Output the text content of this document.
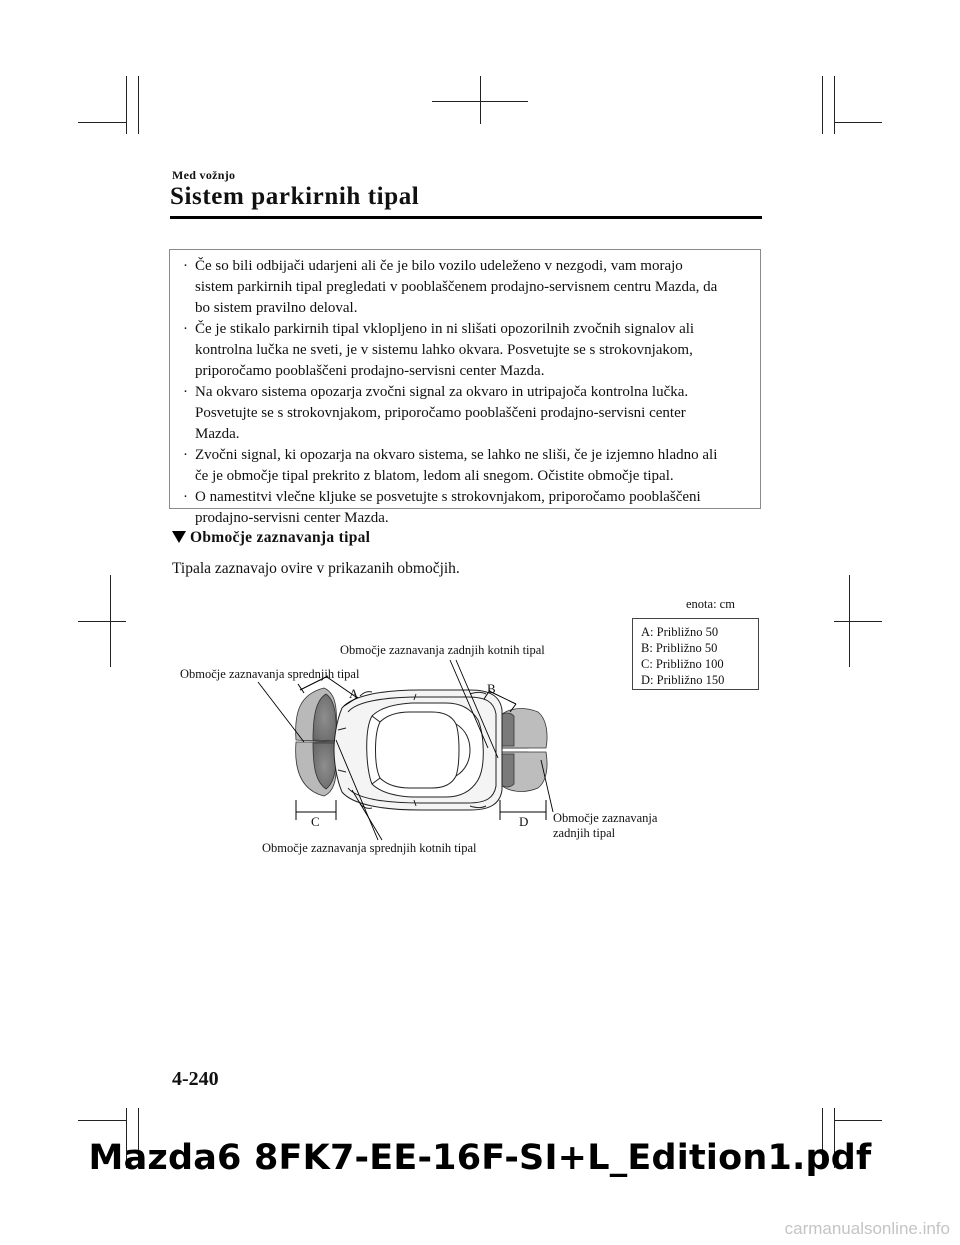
Med vožnjo
Sistem parkirnih tipal
· Če so bili odbijači udarjeni ali če je bilo vozilo udeleženo v nezgodi, vam morajo
sistem parkirnih tipal pregledati v pooblaščenem prodajno-servisnem centru Mazda, da
bo sistem pravilno deloval.
· Če je stikalo parkirnih tipal vklopljeno in ni slišati opozorilnih zvočnih signalov ali
kontrolna lučka ne sveti, je v sistemu lahko okvara. Posvetujte se s strokovnjakom,
priporočamo pooblaščeni prodajno-servisni center Mazda.
· Na okvaro sistema opozarja zvočni signal za okvaro in utripajoča kontrolna lučka.
Posvetujte se s strokovnjakom, priporočamo pooblaščeni prodajno-servisni center
Mazda.
· Zvočni signal, ki opozarja na okvaro sistema, se lahko ne sliši, če je izjemno hladno ali
če je območje tipal prekrito z blatom, ledom ali snegom. Očistite območje tipal.
· O namestitvi vlečne kljuke se posvetujte s strokovnjakom, priporočamo pooblaščeni
prodajno-servisni center Mazda.
Območje zaznavanja tipal
Tipala zaznavajo ovire v prikazanih območjih.
enota: cm
A: Približno 50
B: Približno 50
C: Približno 100
D: Približno 150
Območje zaznavanja zadnjih kotnih tipal
Območje zaznavanja sprednjih tipal
A	B
C	D Območje zaznavanja
zadnjih tipal
Območje zaznavanja sprednjih kotnih tipal
4-240
Mazda6 8FK7-EE-16F-SI+L_Edition1.pdf
carmanualsonline.info
